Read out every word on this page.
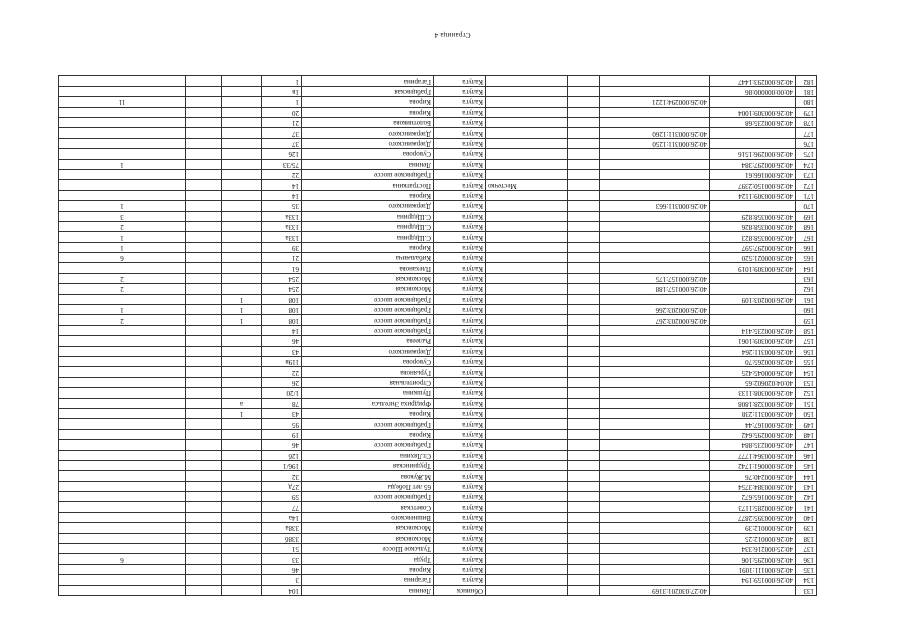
Страница 4
133		40:27:030201:3169			Обнинск	Ленина	104			
134	40:26:000159:194				Калуга	Гагарина	3			
135	40:26:000111:1091				Калуга	Кирова	46			
136	40:26:000295:106				Калуга	Труда	33			6
137	40:25:000216:334				Калуга	Тульское Шоссе	51			
138	40:26:000012:25				Калуга	Московская	338б			
139	40:26:000012:39				Калуга	Московская	338а			
140	40:26:000395:2877				Калуга	Вишневского	14а			
141	40:26:000285:1173				Калуга	Советская	77			
142	40:26:000165:672				Калуга	Грабцевское шоссе	59			
143	40:26:000384:3754				Калуга	65 лет Победы	27д			
144	40:26:000240:76				Калуга	М.Жукова	32			
145	40:26:000061:1742				Калуга	Труднинская	196/1			
146	40:26:000364:1777				Калуга	Ст.Ляхина	12б			
147	40:26:000235:884				Калуга	Грабцевское шоссе	46			
148	40:26:000295:642				Калуга	Кирова	19			
149	40:26:000167:44				Калуга	Грабцевское шоссе	95			
150	40:26:000311:238				Калуга	Кирова	43	1		
151	40:26:000328:1808				Калуга	Фридриха Энгельса	78	а		
152	40:26:000308:1133				Калуга	Пушкина	1/20			
153	40:04:020602:65				Калуга	Строительная	26			
154	40:26:000045:425				Калуга	Гурьянова	22			
155	40:26:000265:70				Калуга	Суворова	119в			
156	40:26:000311:264				Калуга	Дзержинского	43			
157	40:26:000309:1061				Калуга	Рылеева	46			
158	40:26:000235:414				Калуга	Грабцевское шоссе	14			
159		40:26:000203:267			Калуга	Грабцевское шоссе	108	1		2
160		40:26:000203:266			Калуга	Грабцевское шоссе	108	1		1
161	40:26:000203:109				Калуга	Грабцевское шоссе	108	1		
162		40:26:000157:188			Калуга	Московская	254			2
163		40:26:000157:175			Калуга	Московская	254			2
164	40:26:000309:1019				Калуга	Плеханова	61			
165	40:26:000021:520				Калуга	Кибальчича	21			6
166	40:26:000297:597				Калуга	Кирова	39			1
167	40:26:000358:823				Калуга	С.Щедрина	133а			1
168	40:26:000358:826				Калуга	С.Щедрина	133а			2
169	40:26:000358:829				Калуга	С.Щедрина	133а			3
170		40:26:000311:663			Калуга	Дзержинского	35			1
171	40:26:000309:1124				Калуга	Кирова	14			
172	40:26:000150:2397			Местечко	Калуга	Постраткина	14			
173	40:26:000166:61				Калуга	Грабцевское шоссе	22			
174	40:26:000297:384				Калуга	Ленина	75/33			1
175	40:26:000296:1516				Калуга	Суворова	126			
176		40:26:000311:1250			Калуга	Дзержинского	37			
177		40:26:000311:1260			Калуга	Дзержинского	37			
178	40:26:000235:68				Калуга	Болотникова	21			
179	40:26:000309:1004				Калуга	Кирова	20			
180		40:26:000294:1221			Калуга	Кирова	1			11
181	40:00:000000:86				Калуга	Грабцевская	1в			
182	40:26:000293:1447				Калуга	Гагарина	1			
